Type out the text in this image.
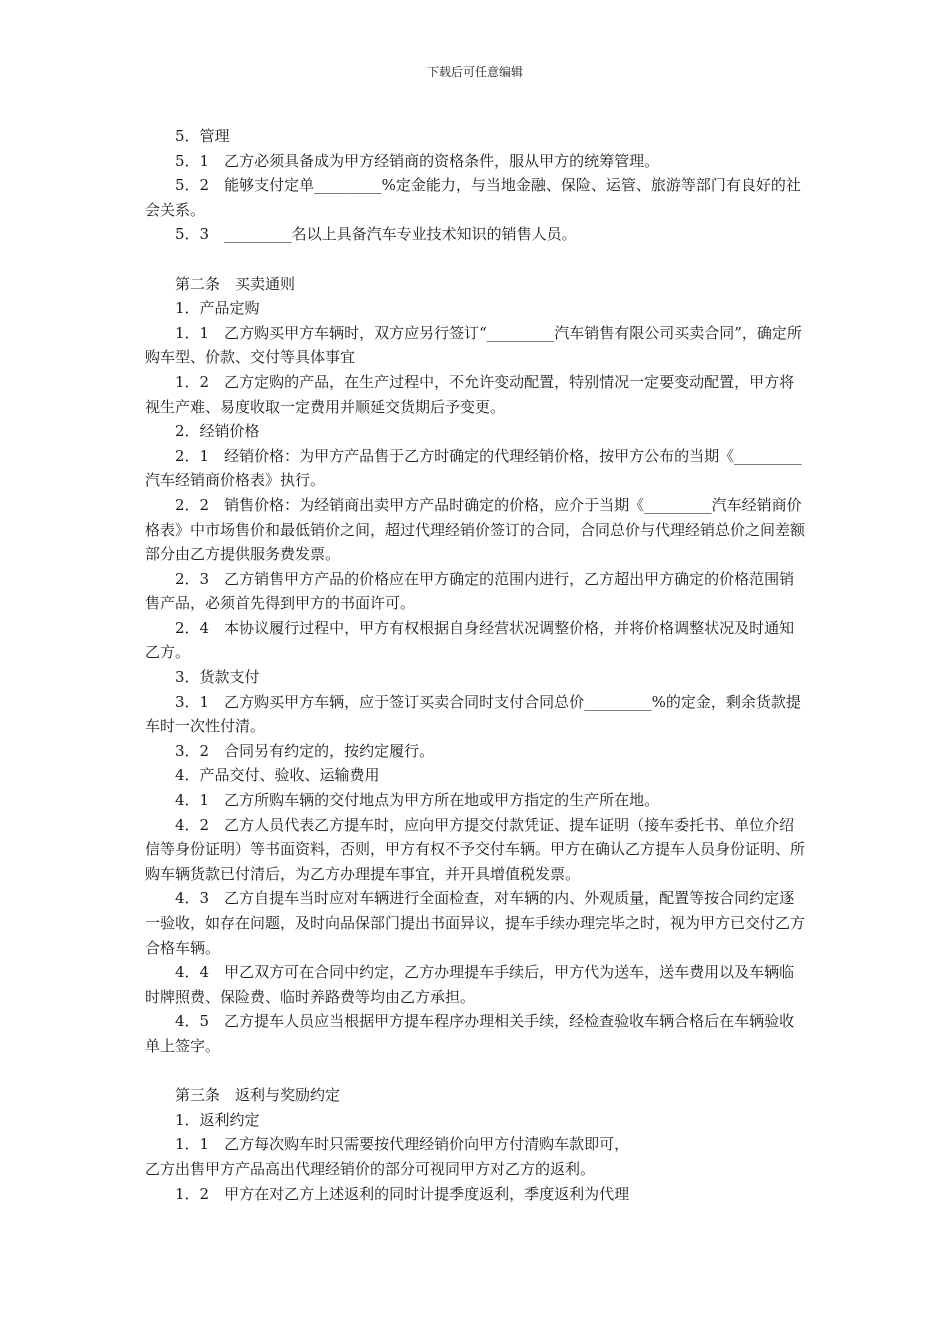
下载后可任意编辑

5．管理

5．1　乙方必须具备成为甲方经销商的资格条件，服从甲方的统筹管理。

5．2　能够支付定单_________%定金能力，与当地金融、保险、运管、旅游等部门有良好的社会关系。

5．3　_________名以上具备汽车专业技术知识的销售人员。

第二条　买卖通则

1．产品定购

1．1　乙方购买甲方车辆时，双方应另行签订“_________汽车销售有限公司买卖合同”，确定所购车型、价款、交付等具体事宜

1．2　乙方定购的产品，在生产过程中，不允许变动配置，特别情况一定要变动配置，甲方将视生产难、易度收取一定费用并顺延交货期后予变更。

2．经销价格

2．1　经销价格：为甲方产品售于乙方时确定的代理经销价格，按甲方公布的当期《_________汽车经销商价格表》执行。

2．2　销售价格：为经销商出卖甲方产品时确定的价格，应介于当期《_________汽车经销商价格表》中市场售价和最低销价之间，超过代理经销价签订的合同，合同总价与代理经销总价之间差额部分由乙方提供服务费发票。

2．3　乙方销售甲方产品的价格应在甲方确定的范围内进行，乙方超出甲方确定的价格范围销售产品，必须首先得到甲方的书面许可。

2．4　本协议履行过程中，甲方有权根据自身经营状况调整价格，并将价格调整状况及时通知乙方。

3．货款支付

3．1　乙方购买甲方车辆，应于签订买卖合同时支付合同总价_________%的定金，剩余货款提车时一次性付清。

3．2　合同另有约定的，按约定履行。

4．产品交付、验收、运输费用

4．1　乙方所购车辆的交付地点为甲方所在地或甲方指定的生产所在地。

4．2　乙方人员代表乙方提车时，应向甲方提交付款凭证、提车证明（接车委托书、单位介绍信等身份证明）等书面资料，否则，甲方有权不予交付车辆。甲方在确认乙方提车人员身份证明、所购车辆货款已付清后，为乙方办理提车事宜，并开具增值税发票。

4．3　乙方自提车当时应对车辆进行全面检查，对车辆的内、外观质量，配置等按合同约定逐一验收，如存在问题，及时向品保部门提出书面异议，提车手续办理完毕之时，视为甲方已交付乙方合格车辆。

4．4　甲乙双方可在合同中约定，乙方办理提车手续后，甲方代为送车，送车费用以及车辆临时牌照费、保险费、临时养路费等均由乙方承担。

4．5　乙方提车人员应当根据甲方提车程序办理相关手续，经检查验收车辆合格后在车辆验收单上签字。

第三条　返利与奖励约定

1．返利约定

1．1　乙方每次购车时只需要按代理经销价向甲方付清购车款即可，

乙方出售甲方产品高出代理经销价的部分可视同甲方对乙方的返利。

1．2　甲方在对乙方上述返利的同时计提季度返利，季度返利为代理
